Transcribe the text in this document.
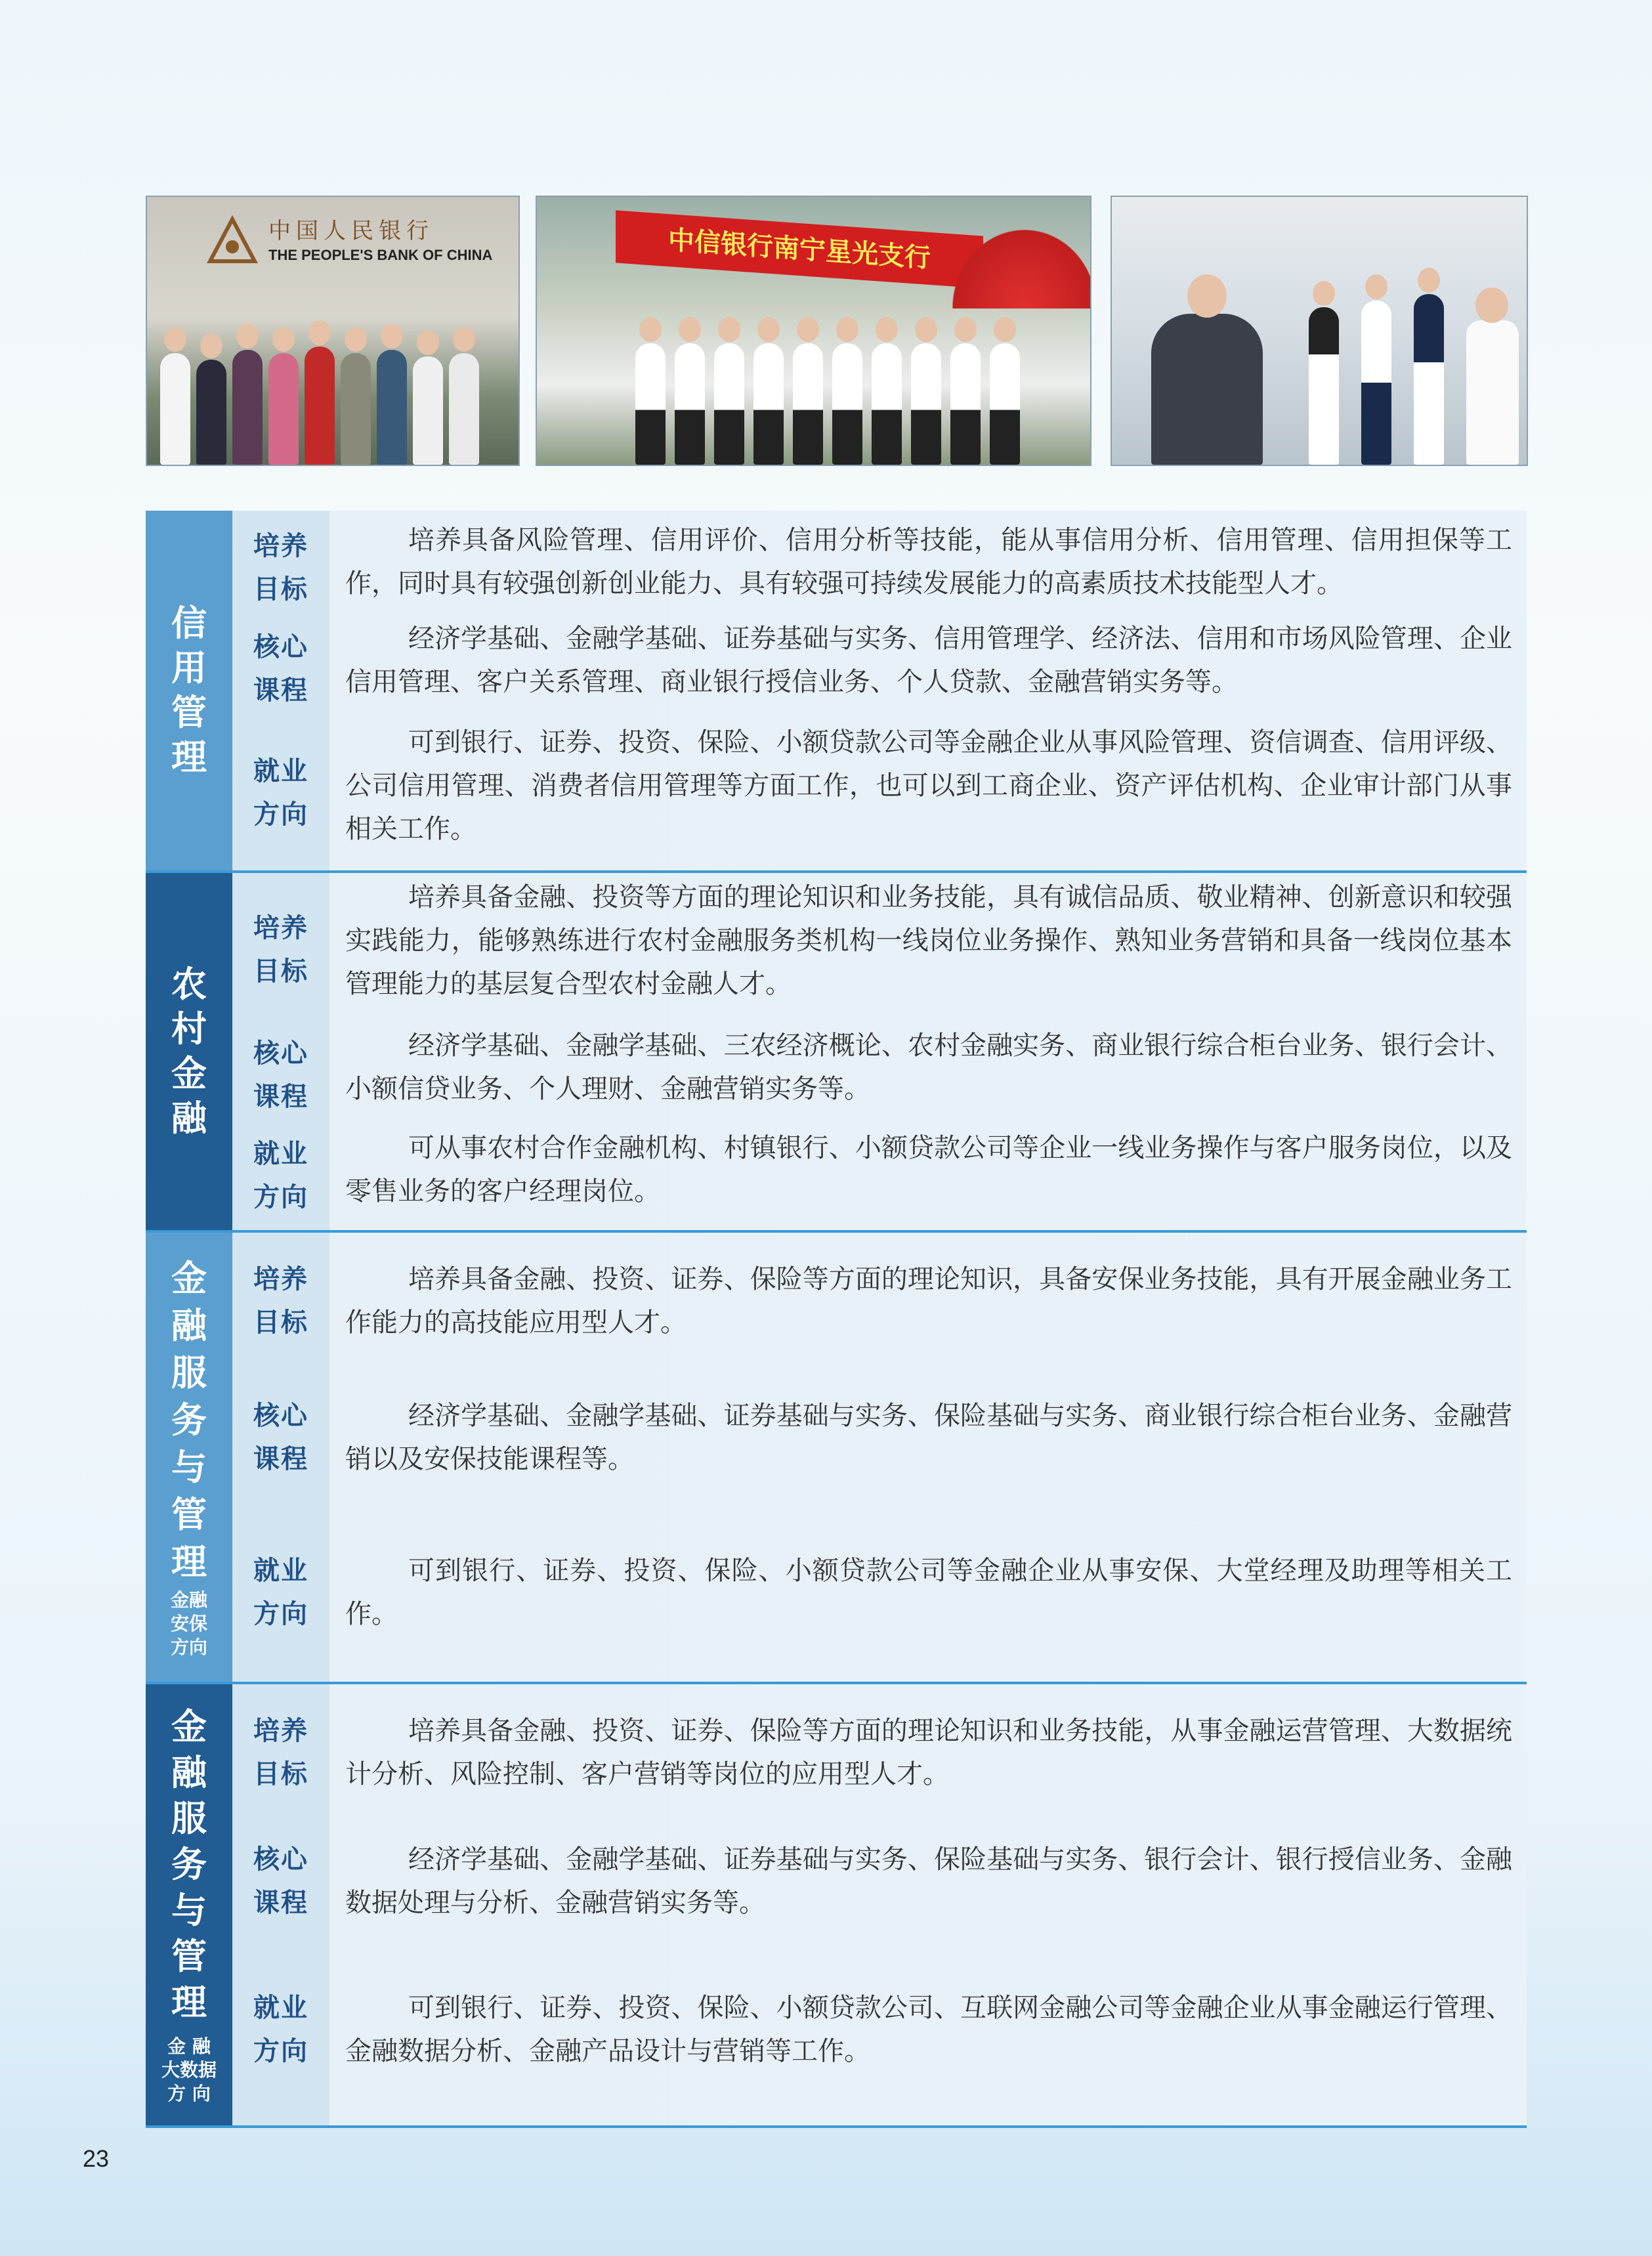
中国人民银行
THE PEOPLE'S BANK OF CHINA	中信银行南宁星光支行
信
用
管
理
培养
目标
培养具备风险管理、信用评价、信用分析等技能，能从事信用分析、信用管理、信用担保等工作，同时具有较强创新创业能力、具有较强可持续发展能力的高素质技术技能型人才。
核心
课程
经济学基础、金融学基础、证券基础与实务、信用管理学、经济法、信用和市场风险管理、企业信用管理、客户关系管理、商业银行授信业务、个人贷款、金融营销实务等。
就业
方向
可到银行、证券、投资、保险、小额贷款公司等金融企业从事风险管理、资信调查、信用评级、公司信用管理、消费者信用管理等方面工作，也可以到工商企业、资产评估机构、企业审计部门从事相关工作。
农
村
金
融
培养
目标
培养具备金融、投资等方面的理论知识和业务技能，具有诚信品质、敬业精神、创新意识和较强实践能力，能够熟练进行农村金融服务类机构一线岗位业务操作、熟知业务营销和具备一线岗位基本管理能力的基层复合型农村金融人才。
核心
课程
经济学基础、金融学基础、三农经济概论、农村金融实务、商业银行综合柜台业务、银行会计、小额信贷业务、个人理财、金融营销实务等。
就业
方向
可从事农村合作金融机构、村镇银行、小额贷款公司等企业一线业务操作与客户服务岗位，以及零售业务的客户经理岗位。
金
融
服
务
与
管
理
金融
安保
方向
培养
目标
培养具备金融、投资、证券、保险等方面的理论知识，具备安保业务技能，具有开展金融业务工作能力的高技能应用型人才。
核心
课程
经济学基础、金融学基础、证券基础与实务、保险基础与实务、商业银行综合柜台业务、金融营销以及安保技能课程等。
就业
方向
可到银行、证券、投资、保险、小额贷款公司等金融企业从事安保、大堂经理及助理等相关工作。
金
融
服
务
与
管
理
金 融
大数据
方 向
培养
目标
培养具备金融、投资、证券、保险等方面的理论知识和业务技能，从事金融运营管理、大数据统计分析、风险控制、客户营销等岗位的应用型人才。
核心
课程
经济学基础、金融学基础、证券基础与实务、保险基础与实务、银行会计、银行授信业务、金融数据处理与分析、金融营销实务等。
就业
方向
可到银行、证券、投资、保险、小额贷款公司、互联网金融公司等金融企业从事金融运行管理、金融数据分析、金融产品设计与营销等工作。
23
